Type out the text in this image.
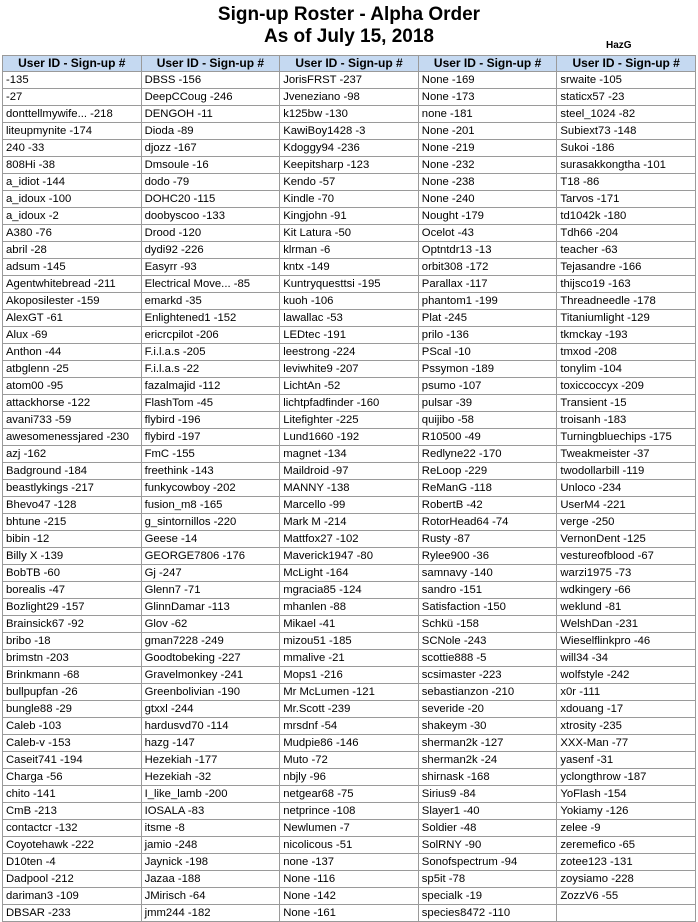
Sign-up Roster - Alpha Order
As of July 15, 2018	HazG
User ID - Sign-up #	User ID - Sign-up #	User ID - Sign-up #	User ID - Sign-up #	User ID - Sign-up #
-135	DBSS -156	JorisFRST -237	None -169	srwaite -105
-27	DeepCCoug -246	Jveneziano -98	None -173	staticx57 -23
donttellmywife... -218	DENGOH -11	k125bw -130	none -181	steel_1024 -82
liteupmynite -174	Dioda -89	KawiBoy1428 -3	None -201	Subiext73 -148
240 -33	djozz -167	Kdoggy94 -236	None -219	Sukoi -186
808Hi -38	Dmsoule -16	Keepitsharp -123	None -232	surasakkongtha -101
a_idiot -144	dodo -79	Kendo -57	None -238	T18 -86
a_idoux -100	DOHC20 -115	Kindle -70	None -240	Tarvos -171
a_idoux -2	doobyscoo -133	Kingjohn -91	Nought -179	td1042k -180
A380 -76	Drood -120	Kit Latura -50	Ocelot -43	Tdh66 -204
abril -28	dydi92 -226	klrman -6	Optntdr13 -13	teacher -63
adsum -145	Easyrr -93	kntx -149	orbit308 -172	Tejasandre -166
Agentwhitebread -211	Electrical Move... -85	Kuntryquesttsi -195	Parallax -117	thijsco19 -163
Akoposilester -159	emarkd -35	kuoh -106	phantom1 -199	Threadneedle -178
AlexGT -61	Enlightened1 -152	lawallac -53	Plat -245	Titaniumlight -129
Alux -69	ericrcpilot -206	LEDtec -191	prilo -136	tkmckay -193
Anthon -44	F.i.l.a.s -205	leestrong -224	PScal -10	tmxod -208
atbglenn -25	F.i.l.a.s -22	leviwhite9 -207	Pssymon -189	tonylim -104
atom00 -95	fazalmajid -112	LichtAn -52	psumo -107	toxiccoccyx -209
attackhorse -122	FlashTom -45	lichtpfadfinder -160	pulsar -39	Transient -15
avani733 -59	flybird -196	Litefighter -225	quijibo -58	troisanh -183
awesomenessjared -230	flybird -197	Lund1660 -192	R10500 -49	Turningbluechips -175
azj -162	FmC -155	magnet -134	Redlyne22 -170	Tweakmeister -37
Badground -184	freethink -143	Maildroid -97	ReLoop -229	twodollarbill -119
beastlykings -217	funkycowboy -202	MANNY -138	ReManG -118	Unloco -234
Bhevo47 -128	fusion_m8 -165	Marcello -99	RobertB -42	UserM4 -221
bhtune -215	g_sintornillos -220	Mark M -214	RotorHead64 -74	verge -250
bibin -12	Geese -14	Mattfox27 -102	Rusty -87	VernonDent -125
Billy X -139	GEORGE7806 -176	Maverick1947 -80	Rylee900 -36	vestureofblood -67
BobTB -60	Gj -247	McLight -164	samnavy -140	warzi1975 -73
borealis -47	Glenn7 -71	mgracia85 -124	sandro -151	wdkingery -66
Bozlight29 -157	GlinnDamar -113	mhanlen -88	Satisfaction -150	weklund -81
Brainsick67 -92	Glov -62	Mikael -41	Schkü -158	WelshDan -231
bribo -18	gman7228 -249	mizou51 -185	SCNole -243	Wieselflinkpro -46
brimstn -203	Goodtobeking -227	mmalive -21	scottie888 -5	will34 -34
Brinkmann -68	Gravelmonkey -241	Mops1 -216	scsimaster -223	wolfstyle -242
bullpupfan -26	Greenbolivian -190	Mr McLumen -121	sebastianzon -210	x0r -111
bungle88 -29	gtxxl -244	Mr.Scott -239	severide -20	xdouang -17
Caleb -103	hardusvd70 -114	mrsdnf -54	shakeym -30	xtrosity -235
Caleb-v -153	hazg -147	Mudpie86 -146	sherman2k -127	XXX-Man -77
Caseit741 -194	Hezekiah -177	Muto -72	sherman2k -24	yasenf -31
Charga -56	Hezekiah -32	nbjly -96	shirnask -168	yclongthrow -187
chito -141	I_like_lamb -200	netgear68 -75	Sirius9 -84	YoFlash -154
CmB -213	IOSALA -83	netprince -108	Slayer1 -40	Yokiamy -126
contactcr -132	itsme -8	Newlumen -7	Soldier -48	zelee -9
Coyotehawk -222	jamio -248	nicolicous -51	SolRNY -90	zeremefico -65
D10ten -4	Jaynick -198	none -137	Sonofspectrum -94	zotee123 -131
Dadpool -212	Jazaa -188	None -116	sp5it -78	zoysiamo -228
dariman3 -109	JMirisch -64	None -142	specialk -19	ZozzV6 -55
DBSAR -233	jmm244 -182	None -161	species8472 -110	
